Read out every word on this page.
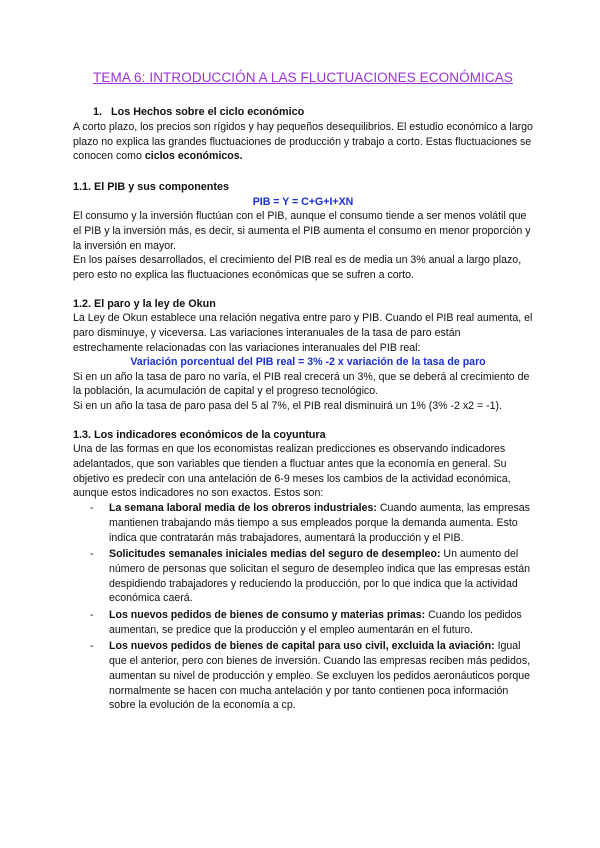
TEMA 6: INTRODUCCIÓN A LAS FLUCTUACIONES ECONÓMICAS
1. Los Hechos sobre el ciclo económico

A corto plazo, los precios son rígidos y hay pequeños desequilibrios. El estudio económico a largo plazo no explica las grandes fluctuaciones de producción y trabajo a corto. Estas fluctuaciones se conocen como ciclos económicos.

1.1. El PIB y sus componentes

PIB = Y = C+G+I+XN

El consumo y la inversión fluctúan con el PIB, aunque el consumo tiende a ser menos volátil que el PIB y la inversión más, es decir, si aumenta el PIB aumenta el consumo en menor proporción y la inversión en mayor.

En los países desarrollados, el crecimiento del PIB real es de media un 3% anual a largo plazo, pero esto no explica las fluctuaciones económicas que se sufren a corto.

1.2. El paro y la ley de Okun

La Ley de Okun establece una relación negativa entre paro y PIB. Cuando el PIB real aumenta, el paro disminuye, y viceversa. Las variaciones interanuales de la tasa de paro están estrechamente relacionadas con las variaciones interanuales del PIB real:

Variación porcentual del PIB real = 3% -2 x variación de la tasa de paro

Si en un año la tasa de paro no varía, el PIB real crecerá un 3%, que se deberá al crecimiento de la población, la acumulación de capital y el progreso tecnológico.

Si en un año la tasa de paro pasa del 5 al 7%, el PIB real disminuirá un 1% (3% -2 x2 = -1).

1.3. Los indicadores económicos de la coyuntura

Una de las formas en que los economistas realizan predicciones es observando indicadores adelantados, que son variables que tienden a fluctuar antes que la economía en general. Su objetivo es predecir con una antelación de 6-9 meses los cambios de la actividad económica, aunque estos indicadores no son exactos. Estos son:

- La semana laboral media de los obreros industriales: Cuando aumenta, las empresas mantienen trabajando más tiempo a sus empleados porque la demanda aumenta. Esto indica que contratarán más trabajadores, aumentará la producción y el PIB.
- Solicitudes semanales iniciales medias del seguro de desempleo: Un aumento del número de personas que solicitan el seguro de desempleo indica que las empresas están despidiendo trabajadores y reduciendo la producción, por lo que indica que la actividad económica caerá.
- Los nuevos pedidos de bienes de consumo y materias primas: Cuando los pedidos aumentan, se predice que la producción y el empleo aumentarán en el futuro.
- Los nuevos pedidos de bienes de capital para uso civil, excluida la aviación: Igual que el anterior, pero con bienes de inversión. Cuando las empresas reciben más pedidos, aumentan su nivel de producción y empleo. Se excluyen los pedidos aeronáuticos porque normalmente se hacen con mucha antelación y por tanto contienen poca información sobre la evolución de la economía a cp.
